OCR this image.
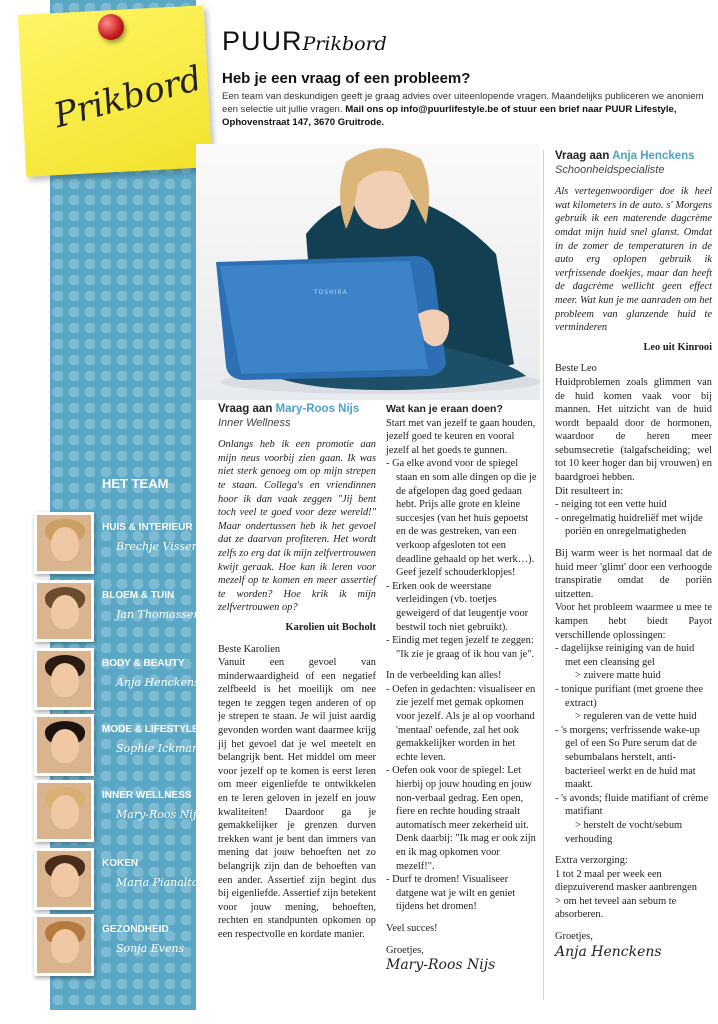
Prikbord
PUURPrikbord
Heb je een vraag of een probleem?

Een team van deskundigen geeft je graag advies over uiteenlopende vragen. Maandelijks publiceren we anoniem een selectie uit jullie vragen. Mail ons op info@puurlifestyle.be of stuur een brief naar PUUR Lifestyle, Ophovenstraat 147, 3670 Gruitrode.

TOSHIBA
Vraag aan Mary-Roos Nijs
Inner Wellness

Onlangs heb ik een promotie aan mijn neus voorbij zien gaan. Ik was niet sterk genoeg om op mijn strepen te staan. Collega's en vriendinnen hoor ik dan vaak zeggen "Jij bent toch veel te goed voor deze wereld!" Maar ondertussen heb ik het gevoel dat ze daarvan profiteren. Het wordt zelfs zo erg dat ik mijn zelfvertrouwen kwijt geraak. Hoe kan ik leren voor mezelf op te komen en meer assertief te worden? Hoe krik ik mijn zelfvertrouwen op?

Karolien uit Bocholt

Beste Karolien

Vanuit een gevoel van minderwaardigheid of een negatief zelfbeeld is het moeilijk om nee tegen te zeggen tegen anderen of op je strepen te staan. Je wil juist aardig gevonden worden want daarmee krijg jij het gevoel dat je wel meetelt en belangrijk bent. Het middel om meer voor jezelf op te komen is eerst leren om meer eigenliefde te ontwikkelen en te leren geloven in jezelf en jouw kwaliteiten! Daardoor ga je gemakkelijker je grenzen durven trekken want je bent dan immers van mening dat jouw behoeften net zo belangrijk zijn dan de behoeften van een ander. Assertief zijn begint dus bij eigenliefde. Assertief zijn betekent voor jouw mening, behoeften, rechten en standpunten opkomen op een respectvolle en kordate manier.

Wat kan je eraan doen?

Start met van jezelf te gaan houden, jezelf goed te keuren en vooral jezelf al het goeds te gunnen.

- Ga elke avond voor de spiegel staan en som alle dingen op die je de afgelopen dag goed gedaan hebt. Prijs alle grote en kleine succesjes (van het huis gepoetst en de was gestreken, van een verkoop afgesloten tot een deadline gehaald op het werk…). Geef jezelf schouderklopjes!
- Erken ook de weerstane verleidingen (vb. toetjes geweigerd of dat leugentje voor bestwil toch niet gebruikt).
- Eindig met tegen jezelf te zeggen: "Ik zie je graag of ik hou van je".

In de verbeelding kan alles!

- Oefen in gedachten: visualiseer en zie jezelf met gemak opkomen voor jezelf. Als je al op voorhand 'mentaal' oefende, zal het ook gemakkelijker worden in het echte leven.
- Oefen ook voor de spiegel: Let hierbij op jouw houding en jouw non-verbaal gedrag. Een open, fiere en rechte houding straalt automatisch meer zekerheid uit. Denk daarbij: "Ik mag er ook zijn en ik mag opkomen voor mezelf!".
- Durf te dromen! Visualiseer datgene wat je wilt en geniet tijdens het dromen!

Veel succes!

Groetjes,

Mary-Roos Nijs

Vraag aan Anja Henckens
Schoonheidspecialiste

Als vertegenwoordiger doe ik heel wat kilometers in de auto. s' Morgens gebruik ik een materende dagcrème omdat mijn huid snel glanst. Omdat in de zomer de temperaturen in de auto erg oplopen gebruik ik verfrissende doekjes, maar dan heeft de dagcrème wellicht geen effect meer. Wat kun je me aanraden om het probleem van glanzende huid te verminderen

Leo uit Kinrooi

Beste Leo

Huidproblemen zoals glimmen van de huid komen vaak voor bij mannen. Het uitzicht van de huid wordt bepaald door de hormonen, waardoor de heren meer sebumsecretie (talgafscheiding; wel tot 10 keer hoger dan bij vrouwen) en baardgroei hebben.

Dit resulteert in:

- neiging tot een vette huid
- onregelmatig huidreliëf met wijde poriën en onregelmatigheden

Bij warm weer is het normaal dat de huid meer 'glimt' door een verhoogde transpiratie omdat de poriën uitzetten.

Voor het probleem waarmee u mee te kampen hebt biedt Payot verschillende oplossingen:

- dagelijkse reiniging van de huid met een cleansing gel
> zuivere matte huid
- tonique purifiant (met groene thee extract)
> reguleren van de vette huid
- 's morgens; verfrissende wake-up gel of een So Pure serum dat de sebumbalans herstelt, anti-bacterieel werkt en de huid mat maakt.
- 's avonds; fluide matifiant of crème matifiant
> herstelt de vocht/sebum verhouding

Extra verzorging:

1 tot 2 maal per week een diepzuiverend masker aanbrengen

> om het teveel aan sebum te absorberen.

Groetjes,

Anja Henckens

HET TEAM
HUIS & INTERIEUR
Brechje Vissers
BLOEM & TUIN
Jan Thomassen
BODY & BEAUTY
Anja Henckens
MODE & LIFESTYLE
Sophie Ickmans
INNER WELLNESS
Mary-Roos Nijs
KOKEN
Maria Pianalto
GEZONDHEID
Sonja Evens
